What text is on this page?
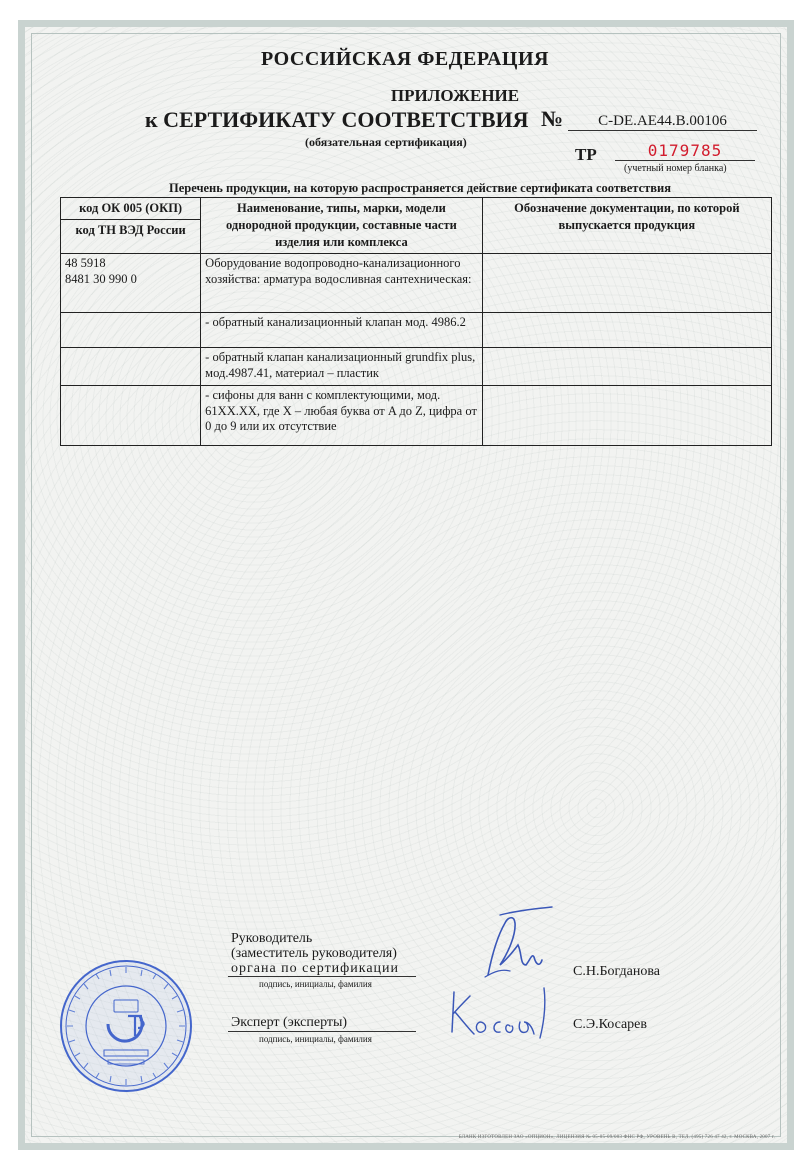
РОССИЙСКАЯ ФЕДЕРАЦИЯ
ПРИЛОЖЕНИЕ
к СЕРТИФИКАТУ СООТВЕТСТВИЯ №	C-DE.AE44.B.00106
(обязательная сертификация)
ТР	0179785
(учетный номер бланка)
Перечень продукции, на которую распространяется действие сертификата соответствия
код ОК 005 (ОКП)
код ТН ВЭД России	Наименование, типы, марки, модели однородной продукции, составные части изделия или комплекса	Обозначение документации, по которой выпускается продукция

48 5918
8481 30 990 0	Оборудование водопроводно-канализационного хозяйства: арматура водосливная сантехническая:	
	- обратный канализационный клапан мод. 4986.2	
	- обратный клапан канализационный grundfix plus, мод.4987.41, материал – пластик	
	- сифоны для ванн с комплектующими, мод. 61XX.XX, где X – любая буква от A до Z, цифра от 0 до 9 или их отсутствие	
Руководитель
(заместитель руководителя)
органа по сертификации
подпись, инициалы, фамилия
С.Н.Богданова
Эксперт (эксперты)
подпись, инициалы, фамилия
С.Э.Косарев
БЛАНК ИЗГОТОВЛЕН ЗАО «ОПЦИОН», ЛИЦЕНЗИЯ № 05-05-09/003 ФНС РФ, УРОВЕНЬ В, ТЕЛ. (495) 726 47 42, г. МОСКВА, 2007 г.
